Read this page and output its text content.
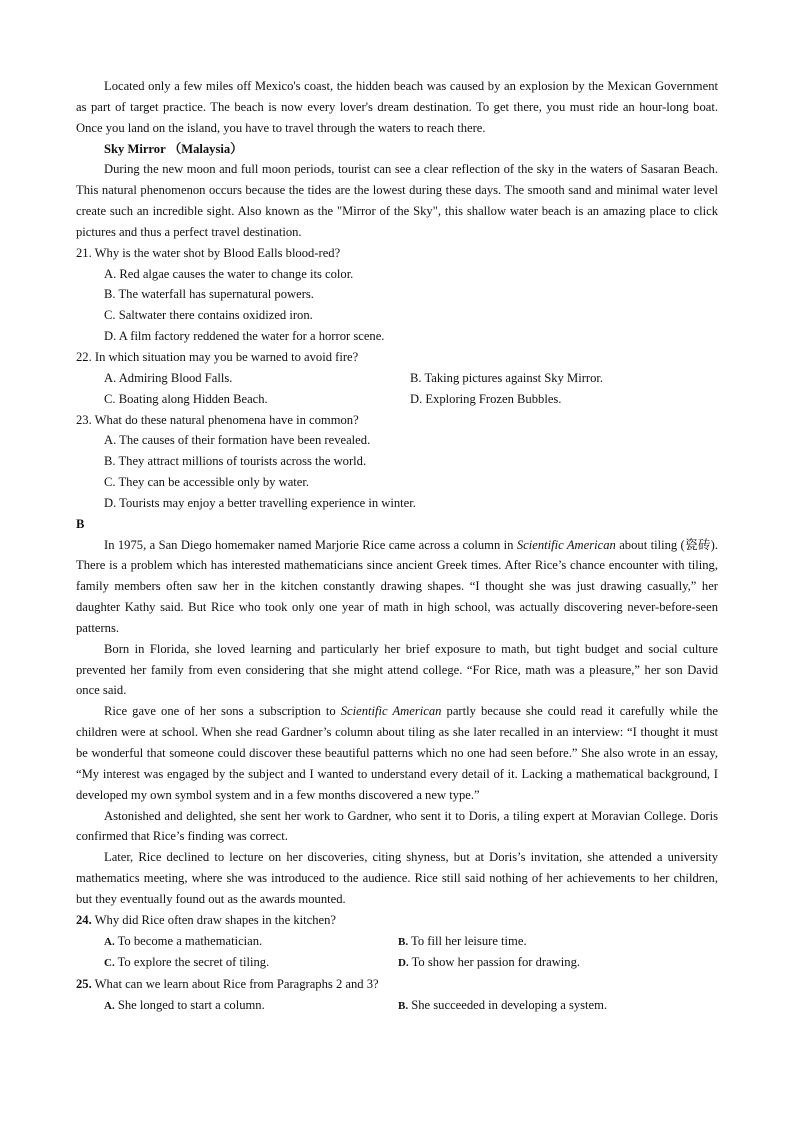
Located only a few miles off Mexico's coast, the hidden beach was caused by an explosion by the Mexican Government as part of target practice. The beach is now every lover's dream destination. To get there, you must ride an hour-long boat. Once you land on the island, you have to travel through the waters to reach there.

Sky Mirror （Malaysia）

During the new moon and full moon periods, tourist can see a clear reflection of the sky in the waters of Sasaran Beach. This natural phenomenon occurs because the tides are the lowest during these days. The smooth sand and minimal water level create such an incredible sight. Also known as the "Mirror of the Sky", this shallow water beach is an amazing place to click pictures and thus a perfect travel destination.

21. Why is the water shot by Blood Ealls blood-red?

A. Red algae causes the water to change its color.

B. The waterfall has supernatural powers.

C. Saltwater there contains oxidized iron.

D. A film factory reddened the water for a horror scene.

22. In which situation may you be warned to avoid fire?

A. Admiring Blood Falls.	B. Taking pictures against Sky Mirror.
C. Boating along Hidden Beach.	D. Exploring Frozen Bubbles.

23. What do these natural phenomena have in common?

A. The causes of their formation have been revealed.

B. They attract millions of tourists across the world.

C. They can be accessible only by water.

D. Tourists may enjoy a better travelling experience in winter.

B

In 1975, a San Diego homemaker named Marjorie Rice came across a column in Scientific American about tiling (瓷砖). There is a problem which has interested mathematicians since ancient Greek times. After Rice’s chance encounter with tiling, family members often saw her in the kitchen constantly drawing shapes. “I thought she was just drawing casually,” her daughter Kathy said. But Rice who took only one year of math in high school, was actually discovering never-before-seen patterns.

Born in Florida, she loved learning and particularly her brief exposure to math, but tight budget and social culture prevented her family from even considering that she might attend college. “For Rice, math was a pleasure,” her son David once said.

Rice gave one of her sons a subscription to Scientific American partly because she could read it carefully while the children were at school. When she read Gardner’s column about tiling as she later recalled in an interview: “I thought it must be wonderful that someone could discover these beautiful patterns which no one had seen before.” She also wrote in an essay, “My interest was engaged by the subject and I wanted to understand every detail of it. Lacking a mathematical background, I developed my own symbol system and in a few months discovered a new type.”

Astonished and delighted, she sent her work to Gardner, who sent it to Doris, a tiling expert at Moravian College. Doris confirmed that Rice’s finding was correct.

Later, Rice declined to lecture on her discoveries, citing shyness, but at Doris’s invitation, she attended a university mathematics meeting, where she was introduced to the audience. Rice still said nothing of her achievements to her children, but they eventually found out as the awards mounted.

24. Why did Rice often draw shapes in the kitchen?

A. To become a mathematician.	B. To fill her leisure time.
C. To explore the secret of tiling.	D. To show her passion for drawing.

25. What can we learn about Rice from Paragraphs 2 and 3?

A. She longed to start a column.	B. She succeeded in developing a system.
